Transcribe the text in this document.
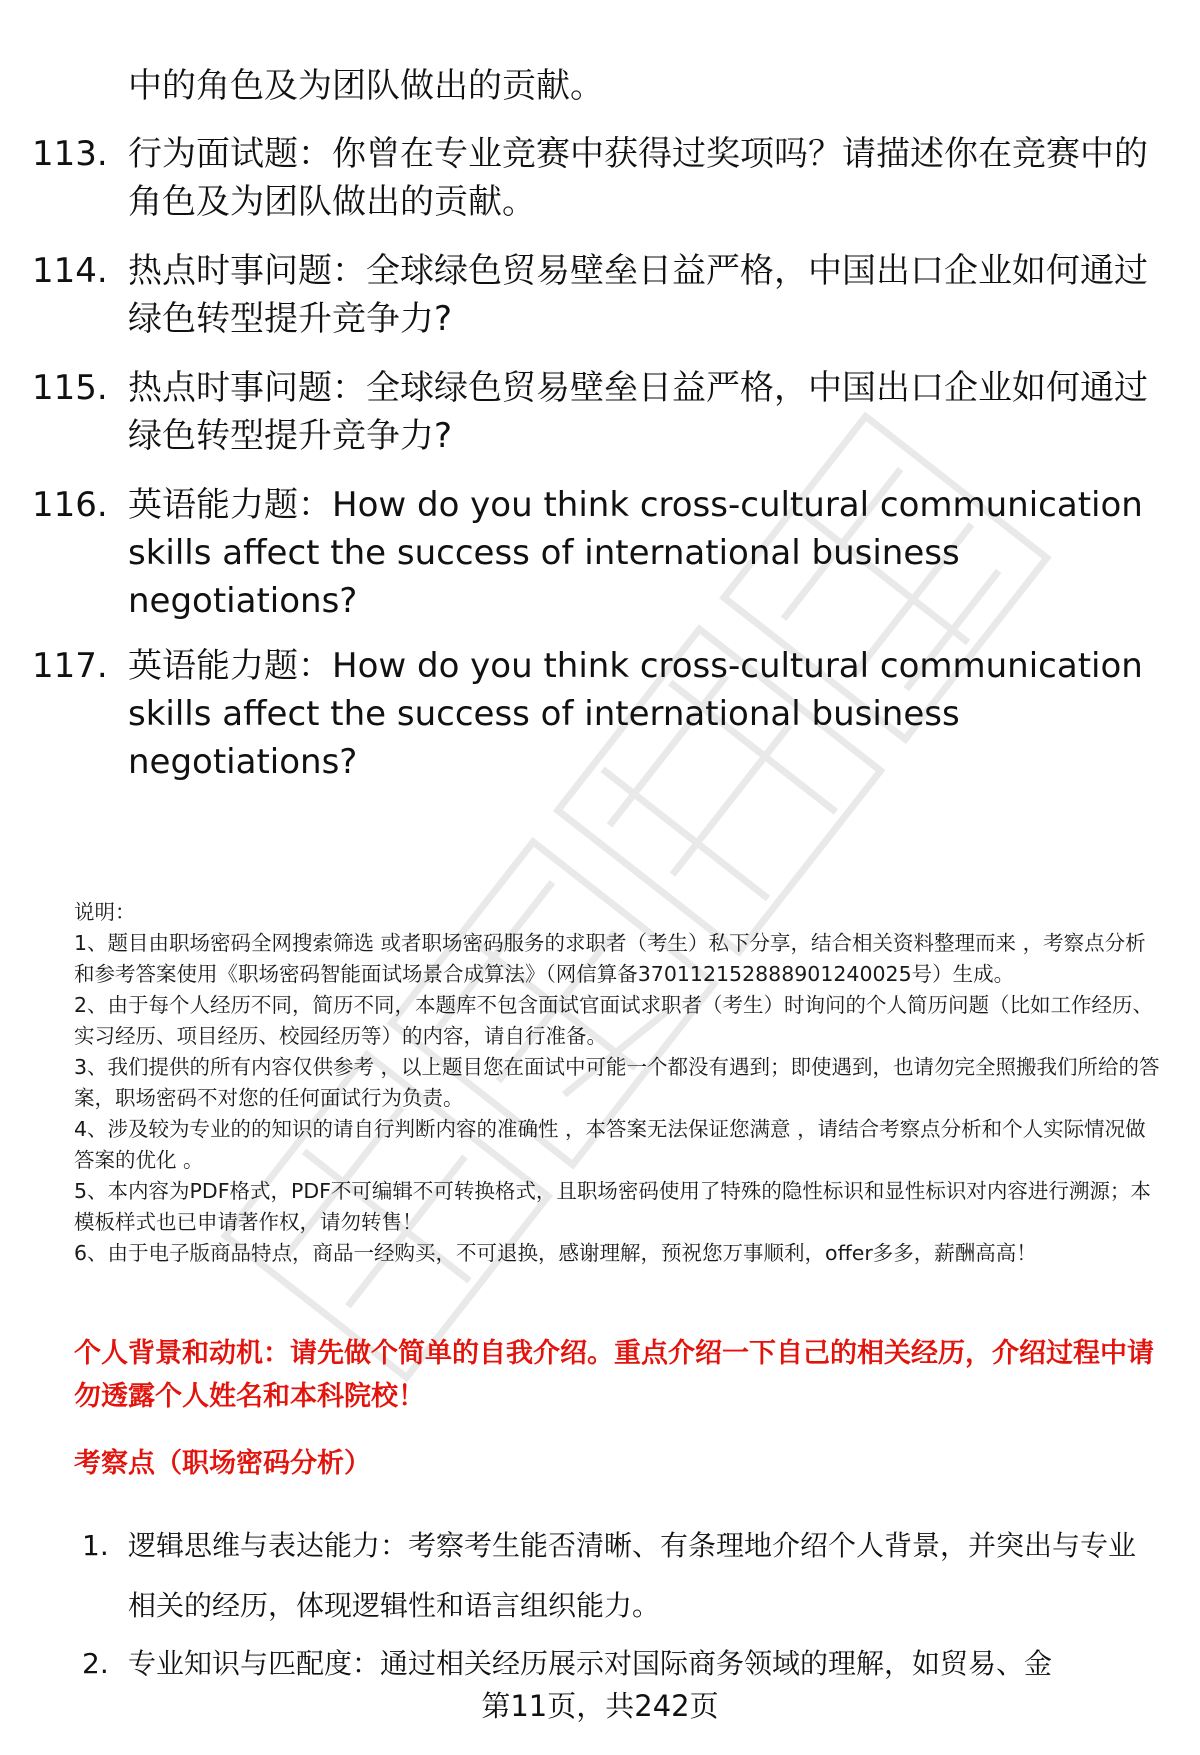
中的角色及为团队做出的贡献。
113. 行为面试题：你曾在专业竞赛中获得过奖项吗？请描述你在竞赛中的角色及为团队做出的贡献。
114. 热点时事问题：全球绿色贸易壁垒日益严格，中国出口企业如何通过绿色转型提升竞争力?
115. 热点时事问题：全球绿色贸易壁垒日益严格，中国出口企业如何通过绿色转型提升竞争力?
116. 英语能力题：How do you think cross-cultural communication skills affect the success of international business negotiations?
117. 英语能力题：How do you think cross-cultural communication skills affect the success of international business negotiations?

说明：

1、题目由职场密码全网搜索筛选 或者职场密码服务的求职者（考生）私下分享，结合相关资料整理而来 ，考察点分析和参考答案使用《职场密码智能面试场景合成算法》（网信算备370112152888901240025号）生成。

2、由于每个人经历不同，简历不同，本题库不包含面试官面试求职者（考生）时询问的个人简历问题（比如工作经历、实习经历、项目经历、校园经历等）的内容，请自行准备。

3、我们提供的所有内容仅供参考 ，以上题目您在面试中可能一个都没有遇到；即使遇到，也请勿完全照搬我们所给的答案，职场密码不对您的任何面试行为负责。

4、涉及较为专业的的知识的请自行判断内容的准确性 ，本答案无法保证您满意 ，请结合考察点分析和个人实际情况做答案的优化 。

5、本内容为PDF格式，PDF不可编辑不可转换格式，且职场密码使用了特殊的隐性标识和显性标识对内容进行溯源；本模板样式也已申请著作权，请勿转售！

6、由于电子版商品特点，商品一经购买，不可退换，感谢理解，预祝您万事顺利，offer多多，薪酬高高！

个人背景和动机：请先做个简单的自我介绍。重点介绍一下自己的相关经历，介绍过程中请勿透露个人姓名和本科院校！
考察点（职场密码分析）
1. 逻辑思维与表达能力：考察考生能否清晰、有条理地介绍个人背景，并突出与专业相关的经历，体现逻辑性和语言组织能力。
2. 专业知识与匹配度：通过相关经历展示对国际商务领域的理解，如贸易、金
第11页，共242页
